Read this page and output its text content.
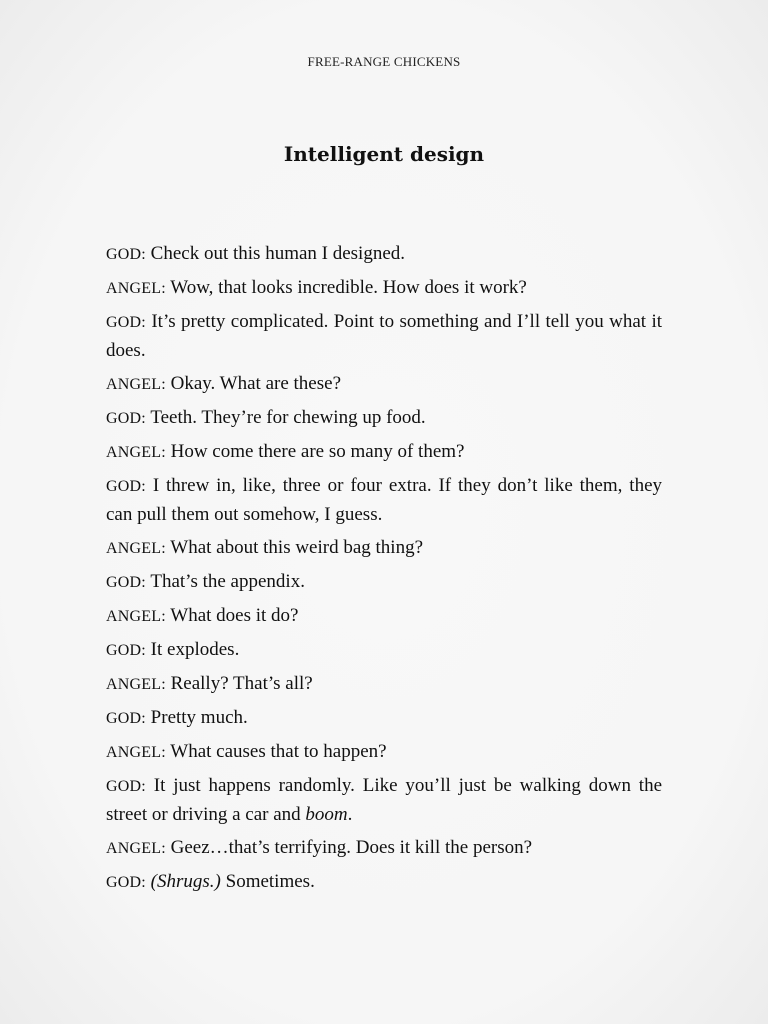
FREE-RANGE CHICKENS
Intelligent design

GOD: Check out this human I designed.

ANGEL: Wow, that looks incredible. How does it work?

GOD: It’s pretty complicated. Point to something and I’ll tell you what it does.

ANGEL: Okay. What are these?

GOD: Teeth. They’re for chewing up food.

ANGEL: How come there are so many of them?

GOD: I threw in, like, three or four extra. If they don’t like them, they can pull them out somehow, I guess.

ANGEL: What about this weird bag thing?

GOD: That’s the appendix.

ANGEL: What does it do?

GOD: It explodes.

ANGEL: Really? That’s all?

GOD: Pretty much.

ANGEL: What causes that to happen?

GOD: It just happens randomly. Like you’ll just be walking down the street or driving a car and boom.

ANGEL: Geez…that’s terrifying. Does it kill the person?

GOD: (Shrugs.) Sometimes.
